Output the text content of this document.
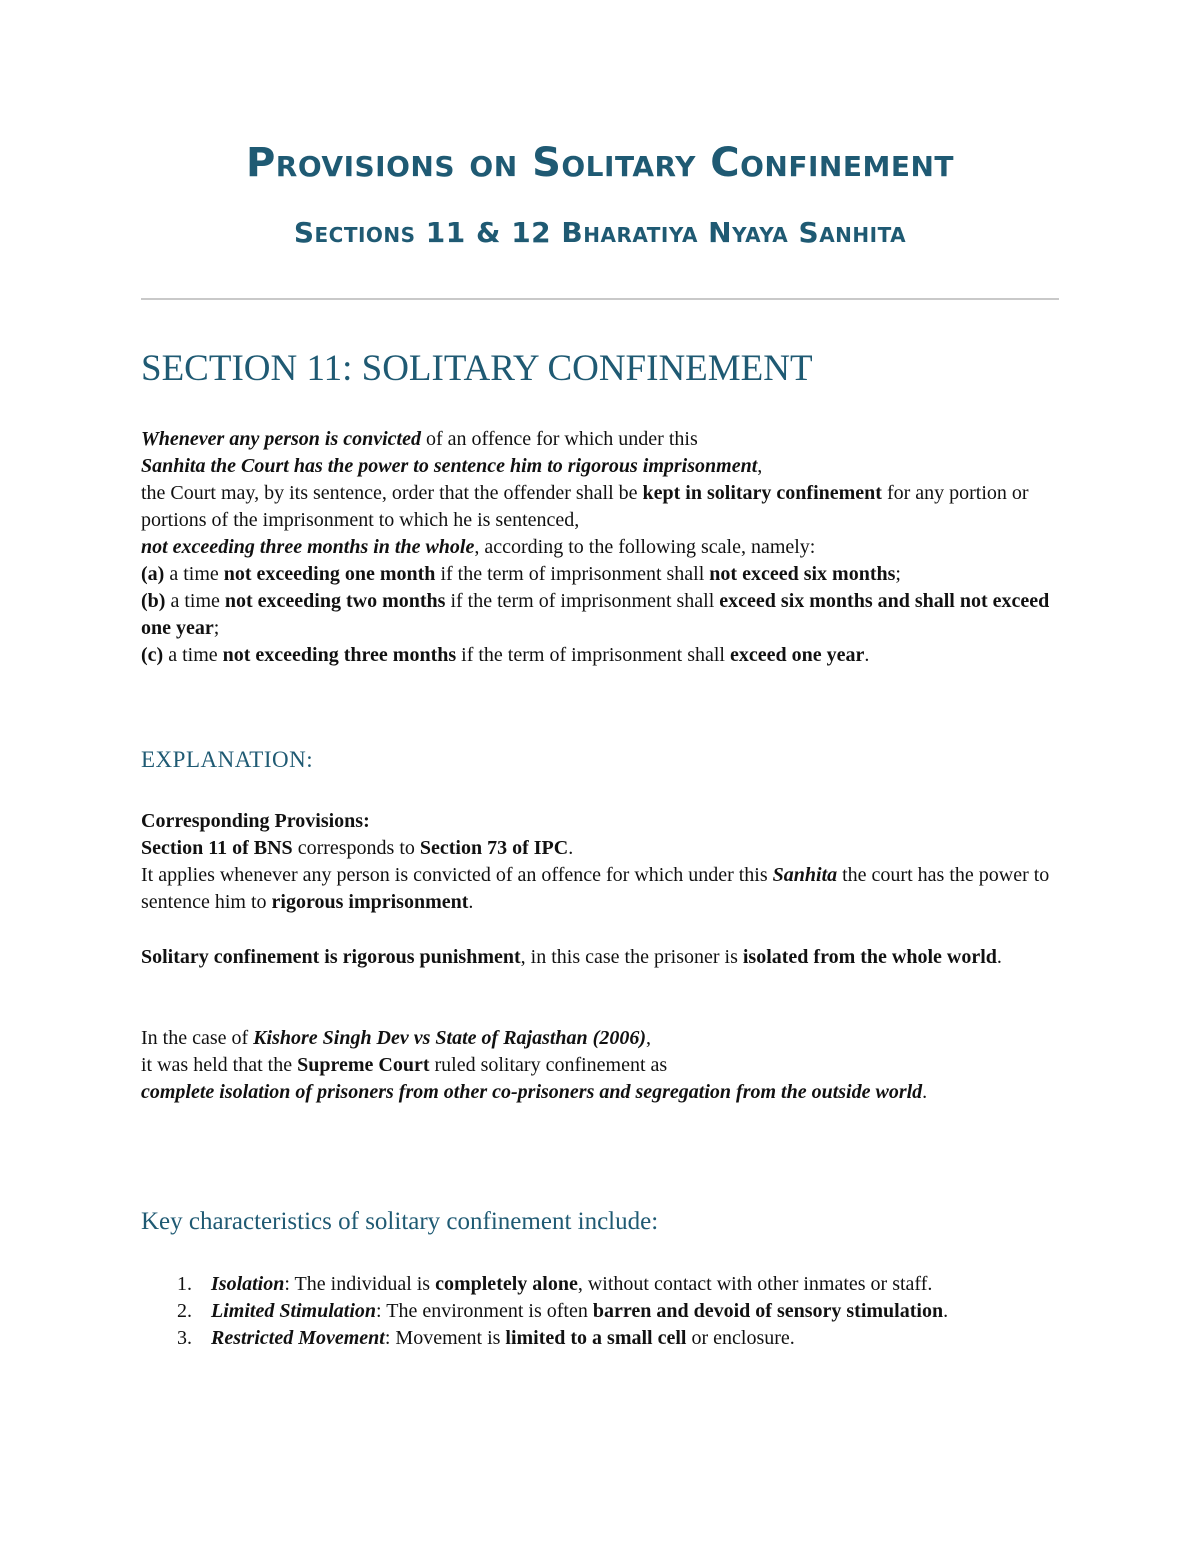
Provisions on Solitary Confinement
Sections 11 & 12 Bharatiya Nyaya Sanhita
SECTION 11: SOLITARY CONFINEMENT

Whenever any person is convicted of an offence for which under this
Sanhita the Court has the power to sentence him to rigorous imprisonment,
the Court may, by its sentence, order that the offender shall be kept in solitary confinement for any portion or portions of the imprisonment to which he is sentenced,
not exceeding three months in the whole, according to the following scale, namely:
(a) a time not exceeding one month if the term of imprisonment shall not exceed six months;
(b) a time not exceeding two months if the term of imprisonment shall exceed six months and shall not exceed one year;
(c) a time not exceeding three months if the term of imprisonment shall exceed one year.

EXPLANATION:

Corresponding Provisions:
Section 11 of BNS corresponds to Section 73 of IPC.
It applies whenever any person is convicted of an offence for which under this Sanhita the court has the power to sentence him to rigorous imprisonment.

Solitary confinement is rigorous punishment, in this case the prisoner is isolated from the whole world.

In the case of Kishore Singh Dev vs State of Rajasthan (2006),
it was held that the Supreme Court ruled solitary confinement as
complete isolation of prisoners from other co-prisoners and segregation from the outside world.

Key characteristics of solitary confinement include:
1. Isolation: The individual is completely alone, without contact with other inmates or staff.
2. Limited Stimulation: The environment is often barren and devoid of sensory stimulation.
3. Restricted Movement: Movement is limited to a small cell or enclosure.
